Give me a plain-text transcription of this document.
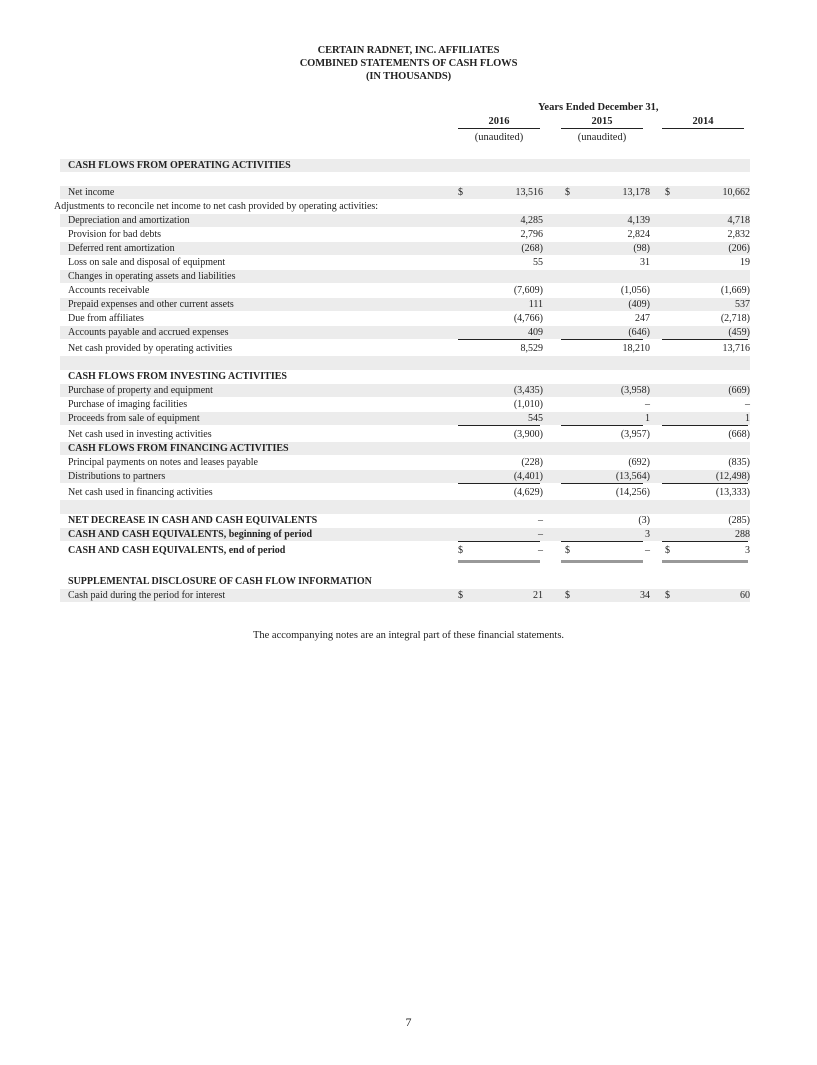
CERTAIN RADNET, INC. AFFILIATES
COMBINED STATEMENTS OF CASH FLOWS
(IN THOUSANDS)
Years Ended December 31,
2016	2015	2014
(unaudited)	(unaudited)
CASH FLOWS FROM OPERATING ACTIVITIES
Net income	$	13,516 $	13,178 $	10,662
Adjustments to reconcile net income to net cash provided by operating activities:
Depreciation and amortization	4,285	4,139	4,718
Provision for bad debts	2,796	2,824	2,832
Deferred rent amortization	(268)	(98)	(206)
Loss on sale and disposal of equipment	55	31	19
Changes in operating assets and liabilities
Accounts receivable	(7,609)	(1,056)	(1,669)
Prepaid expenses and other current assets	111	(409)	537
Due from affiliates	(4,766)	247	(2,718)
Accounts payable and accrued expenses	409	(646)	(459)
Net cash provided by operating activities	8,529	18,210	13,716
CASH FLOWS FROM INVESTING ACTIVITIES
Purchase of property and equipment	(3,435)	(3,958)	(669)
Purchase of imaging facilities	(1,010)	–	–
Proceeds from sale of equipment	545	1	1
Net cash used in investing activities	(3,900)	(3,957)	(668)
CASH FLOWS FROM FINANCING ACTIVITIES
Principal payments on notes and leases payable	(228)	(692)	(835)
Distributions to partners	(4,401)	(13,564)	(12,498)
Net cash used in financing activities	(4,629)	(14,256)	(13,333)
NET DECREASE IN CASH AND CASH EQUIVALENTS	–	(3)	(285)
CASH AND CASH EQUIVALENTS, beginning of period	–	3	288
CASH AND CASH EQUIVALENTS, end of period	$	– $	– $	3
SUPPLEMENTAL DISCLOSURE OF CASH FLOW INFORMATION
Cash paid during the period for interest	$	21 $	34 $	60
The accompanying notes are an integral part of these financial statements.
7
